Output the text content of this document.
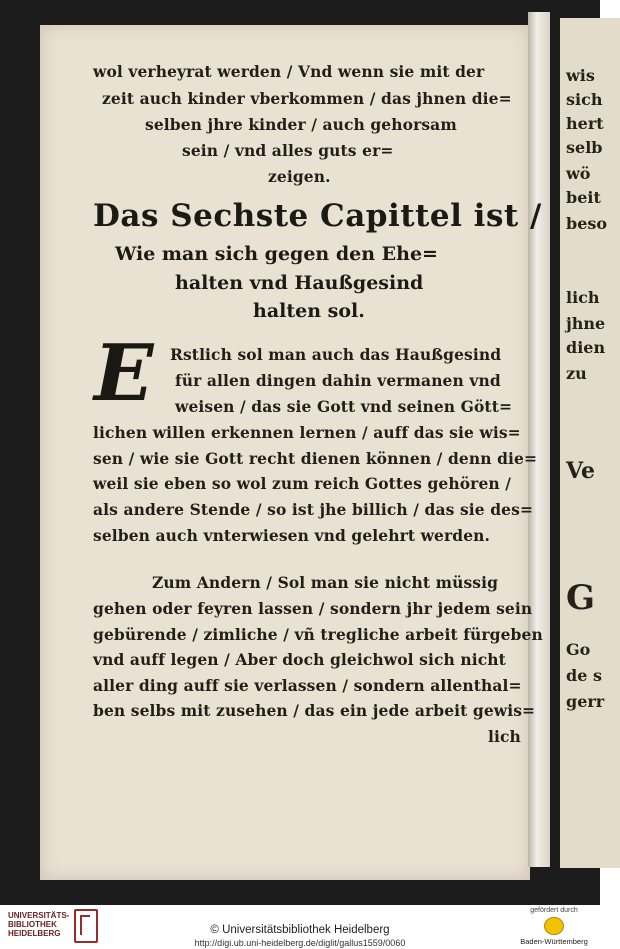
wis
sich
hert
selb
wö
beit
beso
lich
jhne
dien
zu
Ve
G
Go
de s
gerr
wol verheyrat werden / Vnd wenn sie mit der
zeit auch kinder vberkommen / das jhnen die=
selben jhre kinder / auch gehorsam
sein / vnd alles guts er=
zeigen.
Das Sechste Capittel ist /
Wie man sich gegen den Ehe=
halten vnd Haußgesind
halten sol.
E	Rstlich sol man auch das Haußgesind
für allen dingen dahin vermanen vnd
weisen / das sie Gott vnd seinen Gött=
lichen willen erkennen lernen / auff das sie wis=
sen / wie sie Gott recht dienen können / denn die=
weil sie eben so wol zum reich Gottes gehören /
als andere Stende / so ist jhe billich / das sie des=
selben auch vnterwiesen vnd gelehrt werden.
Zum Andern / Sol man sie nicht müssig
gehen oder feyren lassen / sondern jhr jedem sein
gebürende / zimliche / vñ tregliche arbeit fürgeben
vnd auff legen / Aber doch gleichwol sich nicht
aller ding auff sie verlassen / sondern allenthal=
ben selbs mit zusehen / das ein jede arbeit gewis=
lich
UNIVERSITÄTS-
BIBLIOTHEK
HEIDELBERG	© Universitätsbibliothek Heidelberg
http://digi.ub.uni-heidelberg.de/diglit/gallus1559/0060
gefördert durch
Baden-Württemberg
